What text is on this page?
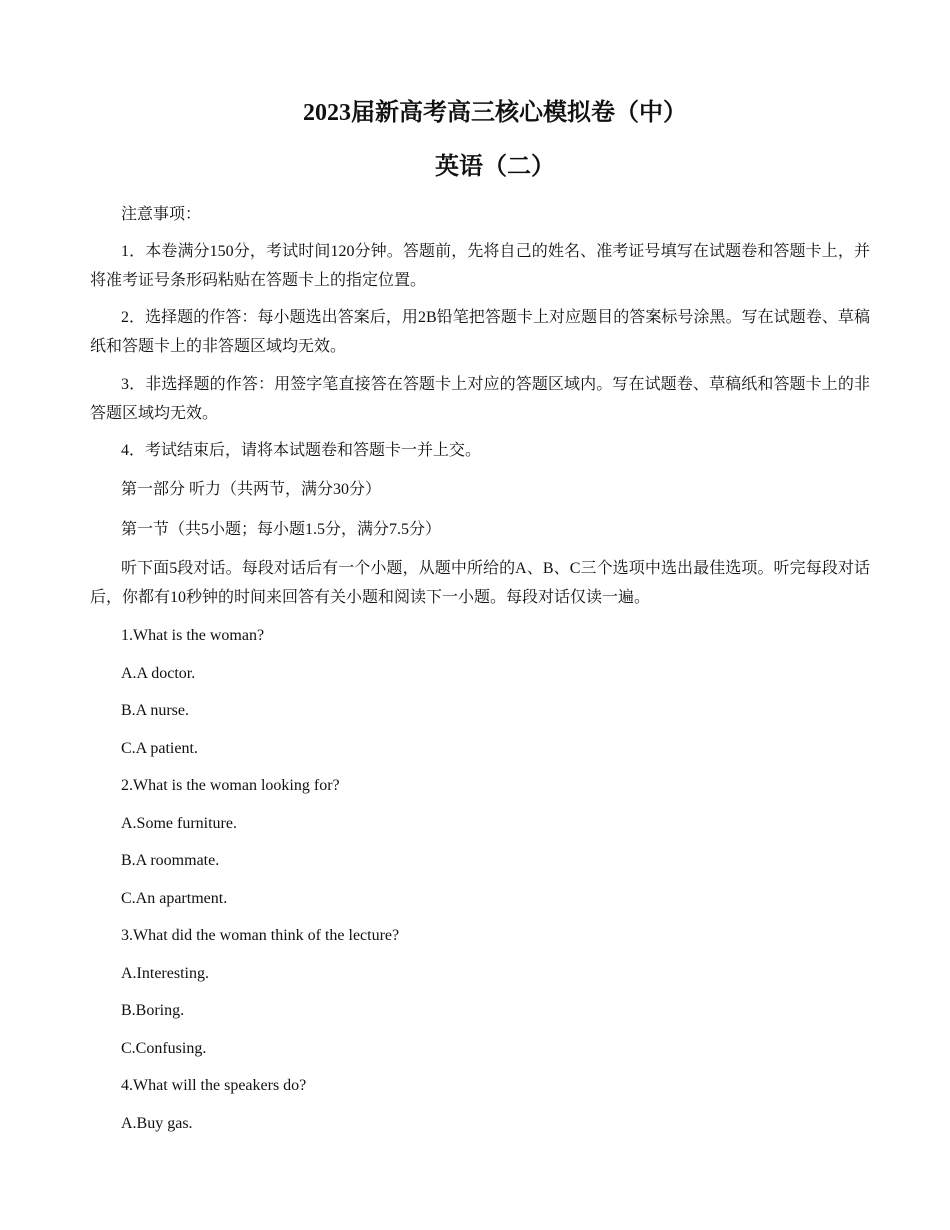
2023届新高考高三核心模拟卷（中）
英语（二）

注意事项：

1．本卷满分150分，考试时间120分钟。答题前，先将自己的姓名、准考证号填写在试题卷和答题卡上，并将准考证号条形码粘贴在答题卡上的指定位置。

2．选择题的作答：每小题选出答案后，用2B铅笔把答题卡上对应题目的答案标号涂黑。写在试题卷、草稿纸和答题卡上的非答题区域均无效。

3．非选择题的作答：用签字笔直接答在答题卡上对应的答题区域内。写在试题卷、草稿纸和答题卡上的非答题区域均无效。

4．考试结束后，请将本试题卷和答题卡一并上交。

第一部分 听力（共两节，满分30分）

第一节（共5小题；每小题1.5分，满分7.5分）

听下面5段对话。每段对话后有一个小题，从题中所给的A、B、C三个选项中选出最佳选项。听完每段对话后，你都有10秒钟的时间来回答有关小题和阅读下一小题。每段对话仅读一遍。

1.What is the woman?

A.A doctor.

B.A nurse.

C.A patient.

2.What is the woman looking for?

A.Some furniture.

B.A roommate.

C.An apartment.

3.What did the woman think of the lecture?

A.Interesting.

B.Boring.

C.Confusing.

4.What will the speakers do?

A.Buy gas.
